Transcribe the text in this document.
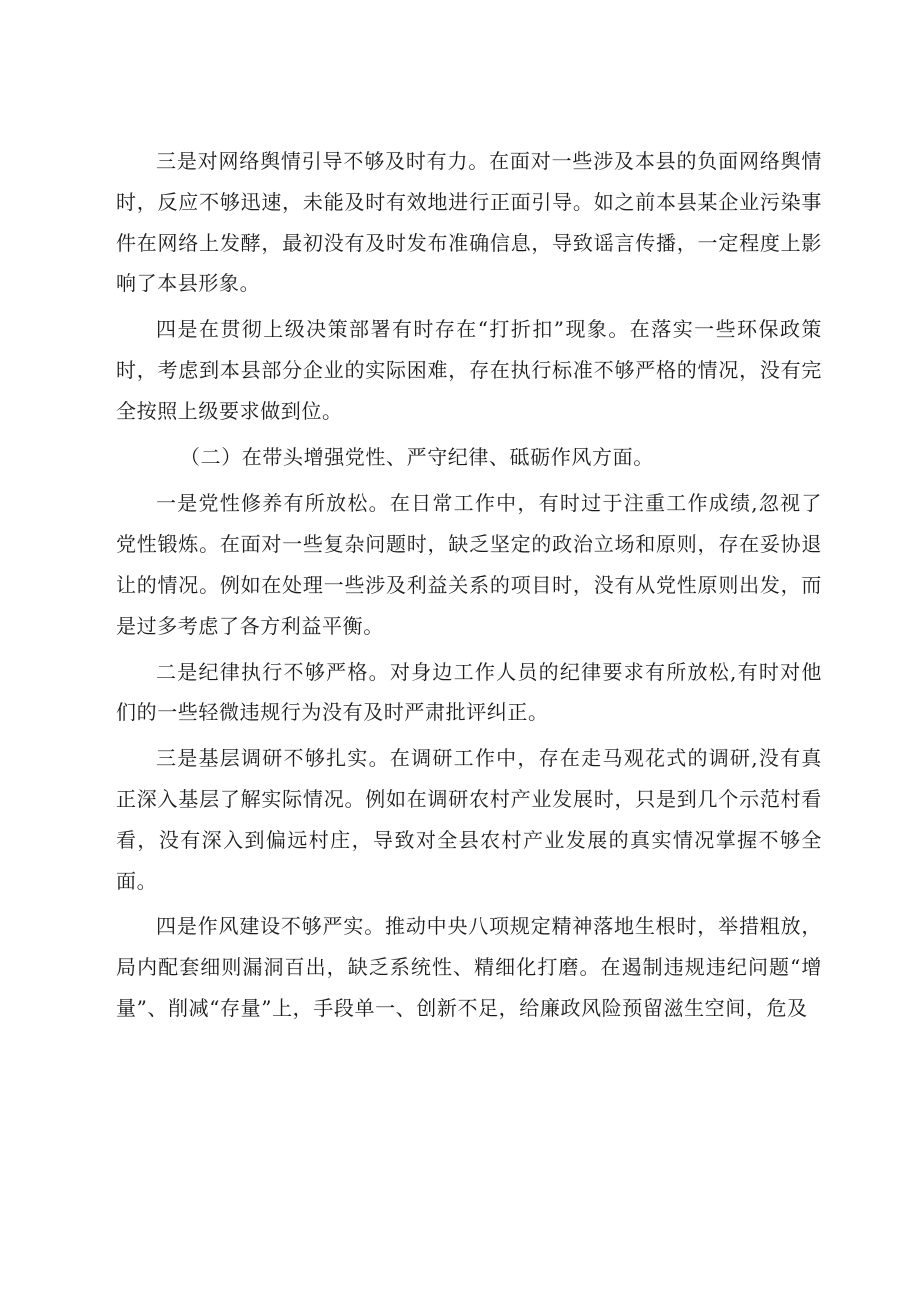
三是对网络舆情引导不够及时有力。在面对一些涉及本县的负面网络舆情时，反应不够迅速，未能及时有效地进行正面引导。如之前本县某企业污染事件在网络上发酵，最初没有及时发布准确信息，导致谣言传播，一定程度上影响了本县形象。

四是在贯彻上级决策部署有时存在“打折扣”现象。在落实一些环保政策时，考虑到本县部分企业的实际困难，存在执行标准不够严格的情况，没有完全按照上级要求做到位。

（二）在带头增强党性、严守纪律、砥砺作风方面。

一是党性修养有所放松。在日常工作中，有时过于注重工作成绩,忽视了党性锻炼。在面对一些复杂问题时，缺乏坚定的政治立场和原则，存在妥协退让的情况。例如在处理一些涉及利益关系的项目时，没有从党性原则出发，而是过多考虑了各方利益平衡。

二是纪律执行不够严格。对身边工作人员的纪律要求有所放松,有时对他们的一些轻微违规行为没有及时严肃批评纠正。

三是基层调研不够扎实。在调研工作中，存在走马观花式的调研,没有真正深入基层了解实际情况。例如在调研农村产业发展时，只是到几个示范村看看，没有深入到偏远村庄，导致对全县农村产业发展的真实情况掌握不够全面。

四是作风建设不够严实。推动中央八项规定精神落地生根时，举措粗放，局内配套细则漏洞百出，缺乏系统性、精细化打磨。在遏制违规违纪问题“增量”、削减“存量”上，手段单一、创新不足，给廉政风险预留滋生空间，危及
